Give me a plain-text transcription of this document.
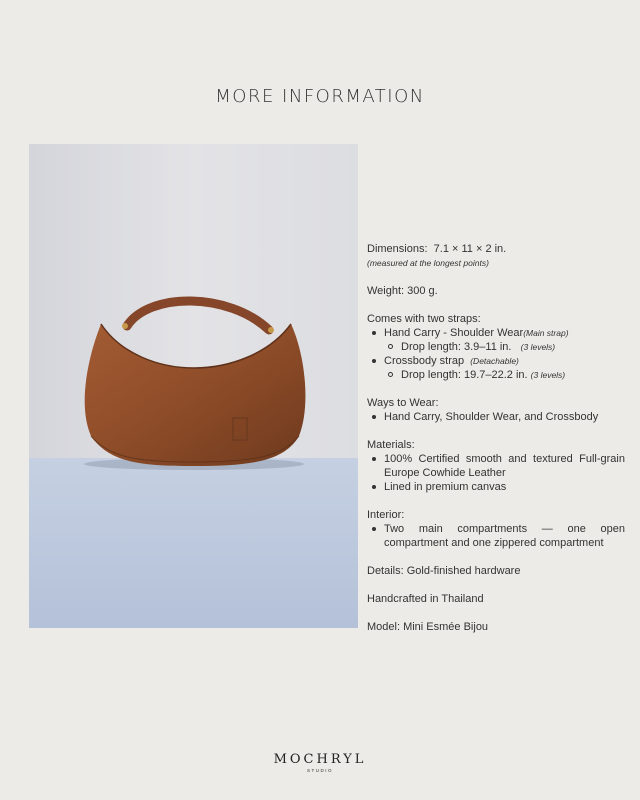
MORE INFORMATION

Dimensions: 7.1 × 11 × 2 in.

(measured at the longest points)

Weight: 300 g.

Comes with two straps:

Hand Carry - Shoulder Wear(Main strap)
Drop length: 3.9–11 in. (3 levels)
Crossbody strap (Detachable)
Drop length: 19.7–22.2 in. (3 levels)

Ways to Wear:

Hand Carry, Shoulder Wear, and Crossbody

Materials:

100% Certified smooth and textured Full-grain Europe Cowhide Leather
Lined in premium canvas

Interior:

Two main compartments — one open compartment and one zippered compartment

Details: Gold-finished hardware

Handcrafted in Thailand

Model: Mini Esmée Bijou

MOCHRYL
STUDIO
